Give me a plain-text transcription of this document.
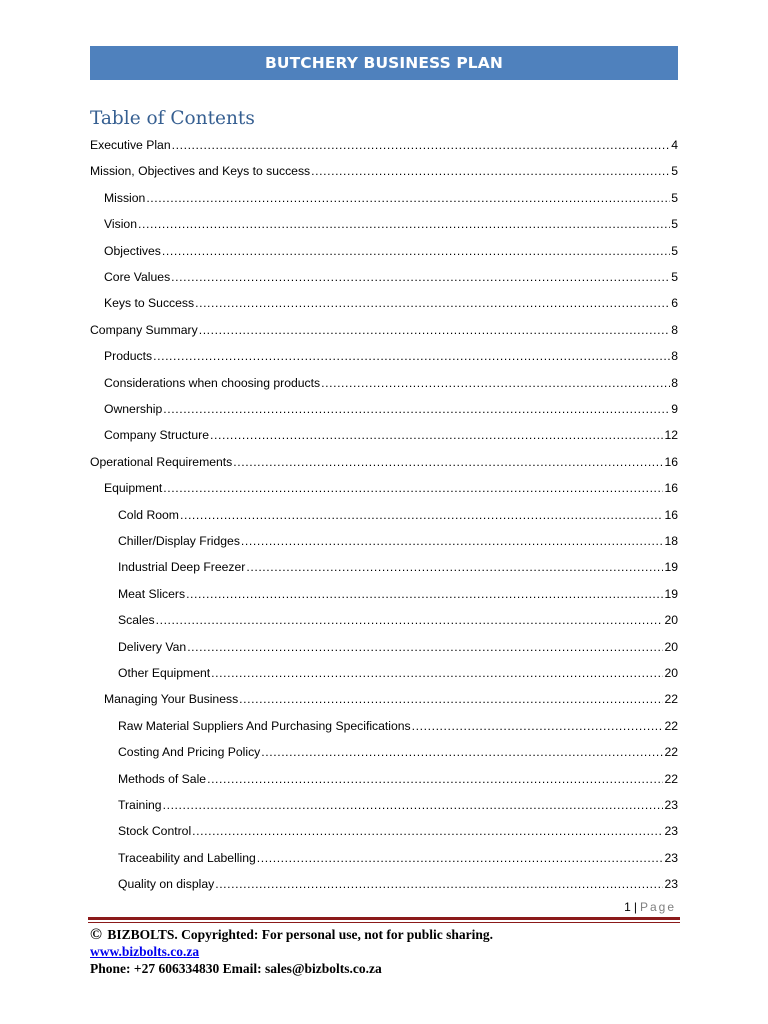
BUTCHERY BUSINESS PLAN
Table of Contents
Executive Plan .....	4
Mission, Objectives and Keys to success .....	5
Mission .....	5
Vision .....	5
Objectives .....	5
Core Values .....	5
Keys to Success .....	6
Company Summary .....	8
Products .....	8
Considerations when choosing products .....	8
Ownership .....	9
Company Structure .....	12
Operational Requirements .....	16
Equipment .....	16
Cold Room .....	16
Chiller/Display Fridges .....	18
Industrial Deep Freezer .....	19
Meat Slicers .....	19
Scales .....	20
Delivery Van .....	20
Other Equipment .....	20
Managing Your Business .....	22
Raw Material Suppliers And Purchasing Specifications .....	22
Costing And Pricing Policy .....	22
Methods of Sale .....	22
Training .....	23
Stock Control .....	23
Traceability and Labelling .....	23
Quality on display .....	23
1 | Page
© BIZBOLTS. Copyrighted: For personal use, not for public sharing.
www.bizbolts.co.za
Phone: +27 606334830 Email: sales@bizbolts.co.za
